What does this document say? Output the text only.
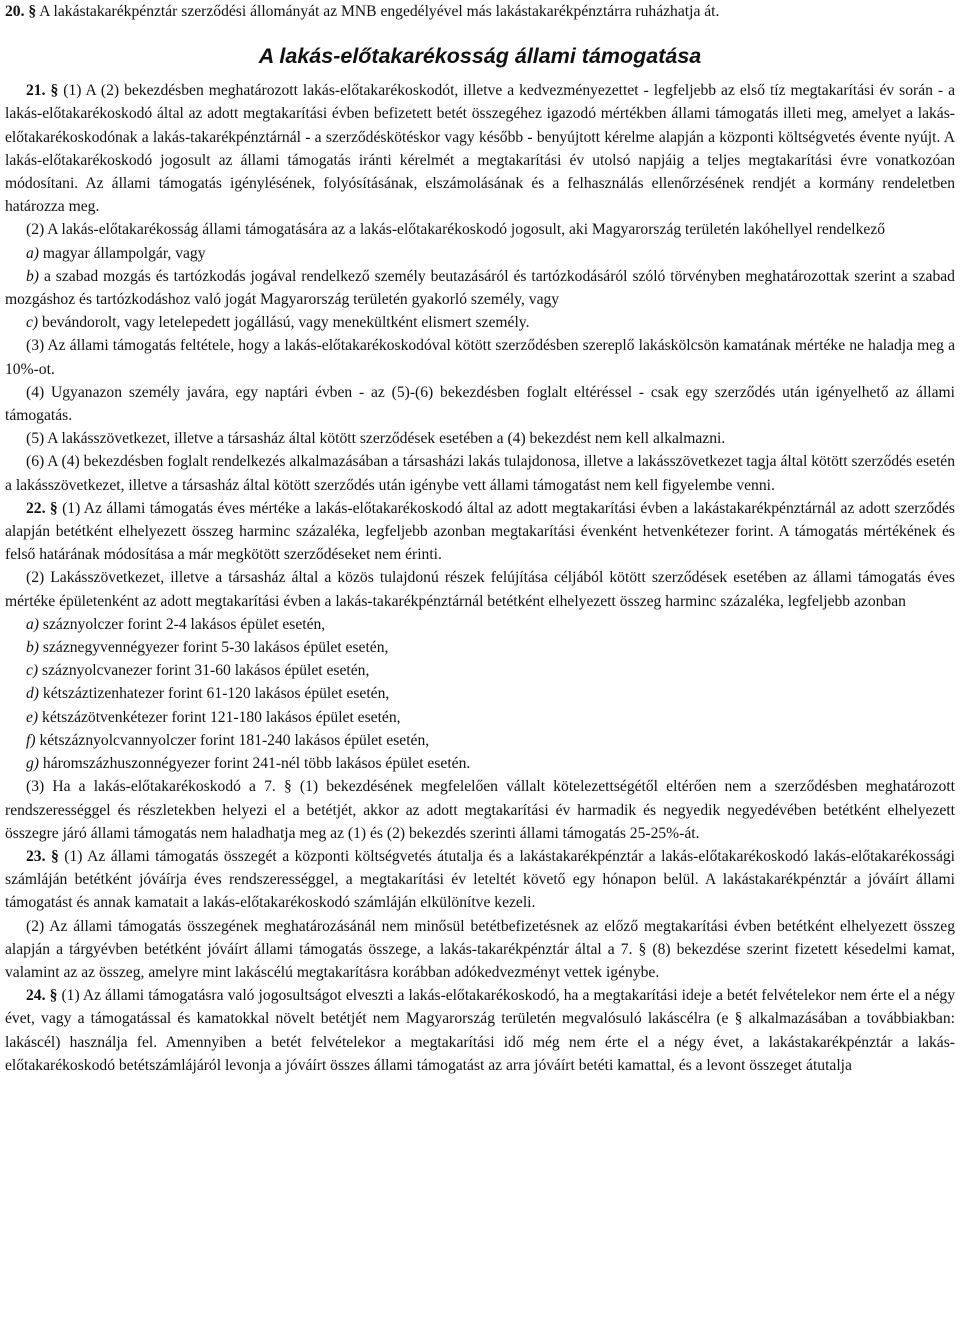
20. § A lakástakarékpénztár szerződési állományát az MNB engedélyével más lakástakarékpénztárra ruházhatja át.

A lakás-előtakarékosság állami támogatása

21. § (1) A (2) bekezdésben meghatározott lakás-előtakarékoskodót, illetve a kedvezményezettet - legfeljebb az első tíz megtakarítási év során - a lakás-előtakarékoskodó által az adott megtakarítási évben befizetett betét összegéhez igazodó mértékben állami támogatás illeti meg, amelyet a lakás-előtakarékoskodónak a lakás-takarékpénztárnál - a szerződéskötéskor vagy később - benyújtott kérelme alapján a központi költségvetés évente nyújt. A lakás-előtakarékoskodó jogosult az állami támogatás iránti kérelmét a megtakarítási év utolsó napjáig a teljes megtakarítási évre vonatkozóan módosítani. Az állami támogatás igénylésének, folyósításának, elszámolásának és a felhasználás ellenőrzésének rendjét a kormány rendeletben határozza meg.

(2) A lakás-előtakarékosság állami támogatására az a lakás-előtakarékoskodó jogosult, aki Magyarország területén lakóhellyel rendelkező

a) magyar állampolgár, vagy

b) a szabad mozgás és tartózkodás jogával rendelkező személy beutazásáról és tartózkodásáról szóló törvényben meghatározottak szerint a szabad mozgáshoz és tartózkodáshoz való jogát Magyarország területén gyakorló személy, vagy

c) bevándorolt, vagy letelepedett jogállású, vagy menekültként elismert személy.

(3) Az állami támogatás feltétele, hogy a lakás-előtakarékoskodóval kötött szerződésben szereplő lakáskölcsön kamatának mértéke ne haladja meg a 10%-ot.

(4) Ugyanazon személy javára, egy naptári évben - az (5)-(6) bekezdésben foglalt eltéréssel - csak egy szerződés után igényelhető az állami támogatás.

(5) A lakásszövetkezet, illetve a társasház által kötött szerződések esetében a (4) bekezdést nem kell alkalmazni.

(6) A (4) bekezdésben foglalt rendelkezés alkalmazásában a társasházi lakás tulajdonosa, illetve a lakásszövetkezet tagja által kötött szerződés esetén a lakásszövetkezet, illetve a társasház által kötött szerződés után igénybe vett állami támogatást nem kell figyelembe venni.

22. § (1) Az állami támogatás éves mértéke a lakás-előtakarékoskodó által az adott megtakarítási évben a lakástakarékpénztárnál az adott szerződés alapján betétként elhelyezett összeg harminc százaléka, legfeljebb azonban megtakarítási évenként hetvenkétezer forint. A támogatás mértékének és felső határának módosítása a már megkötött szerződéseket nem érinti.

(2) Lakásszövetkezet, illetve a társasház által a közös tulajdonú részek felújítása céljából kötött szerződések esetében az állami támogatás éves mértéke épületenként az adott megtakarítási évben a lakás-takarékpénztárnál betétként elhelyezett összeg harminc százaléka, legfeljebb azonban

a) száznyolczer forint 2-4 lakásos épület esetén,

b) száznegyvennégyezer forint 5-30 lakásos épület esetén,

c) száznyolcvanezer forint 31-60 lakásos épület esetén,

d) kétszáztizenhatezer forint 61-120 lakásos épület esetén,

e) kétszázötvenkétezer forint 121-180 lakásos épület esetén,

f) kétszáznyolcvannyolczer forint 181-240 lakásos épület esetén,

g) háromszázhuszonnégyezer forint 241-nél több lakásos épület esetén.

(3) Ha a lakás-előtakarékoskodó a 7. § (1) bekezdésének megfelelően vállalt kötelezettségétől eltérően nem a szerződésben meghatározott rendszerességgel és részletekben helyezi el a betétjét, akkor az adott megtakarítási év harmadik és negyedik negyedévében betétként elhelyezett összegre járó állami támogatás nem haladhatja meg az (1) és (2) bekezdés szerinti állami támogatás 25-25%-át.

23. § (1) Az állami támogatás összegét a központi költségvetés átutalja és a lakástakarékpénztár a lakás-előtakarékoskodó lakás-előtakarékossági számláján betétként jóváírja éves rendszerességgel, a megtakarítási év leteltét követő egy hónapon belül. A lakástakarékpénztár a jóváírt állami támogatást és annak kamatait a lakás-előtakarékoskodó számláján elkülönítve kezeli.

(2) Az állami támogatás összegének meghatározásánál nem minősül betétbefizetésnek az előző megtakarítási évben betétként elhelyezett összeg alapján a tárgyévben betétként jóváírt állami támogatás összege, a lakás-takarékpénztár által a 7. § (8) bekezdése szerint fizetett késedelmi kamat, valamint az az összeg, amelyre mint lakáscélú megtakarításra korábban adókedvezményt vettek igénybe.

24. § (1) Az állami támogatásra való jogosultságot elveszti a lakás-előtakarékoskodó, ha a megtakarítási ideje a betét felvételekor nem érte el a négy évet, vagy a támogatással és kamatokkal növelt betétjét nem Magyarország területén megvalósuló lakáscélra (e § alkalmazásában a továbbiakban: lakáscél) használja fel. Amennyiben a betét felvételekor a megtakarítási idő még nem érte el a négy évet, a lakástakarékpénztár a lakás-előtakarékoskodó betétszámlájáról levonja a jóváírt összes állami támogatást az arra jóváírt betéti kamattal, és a levont összeget átutalja
